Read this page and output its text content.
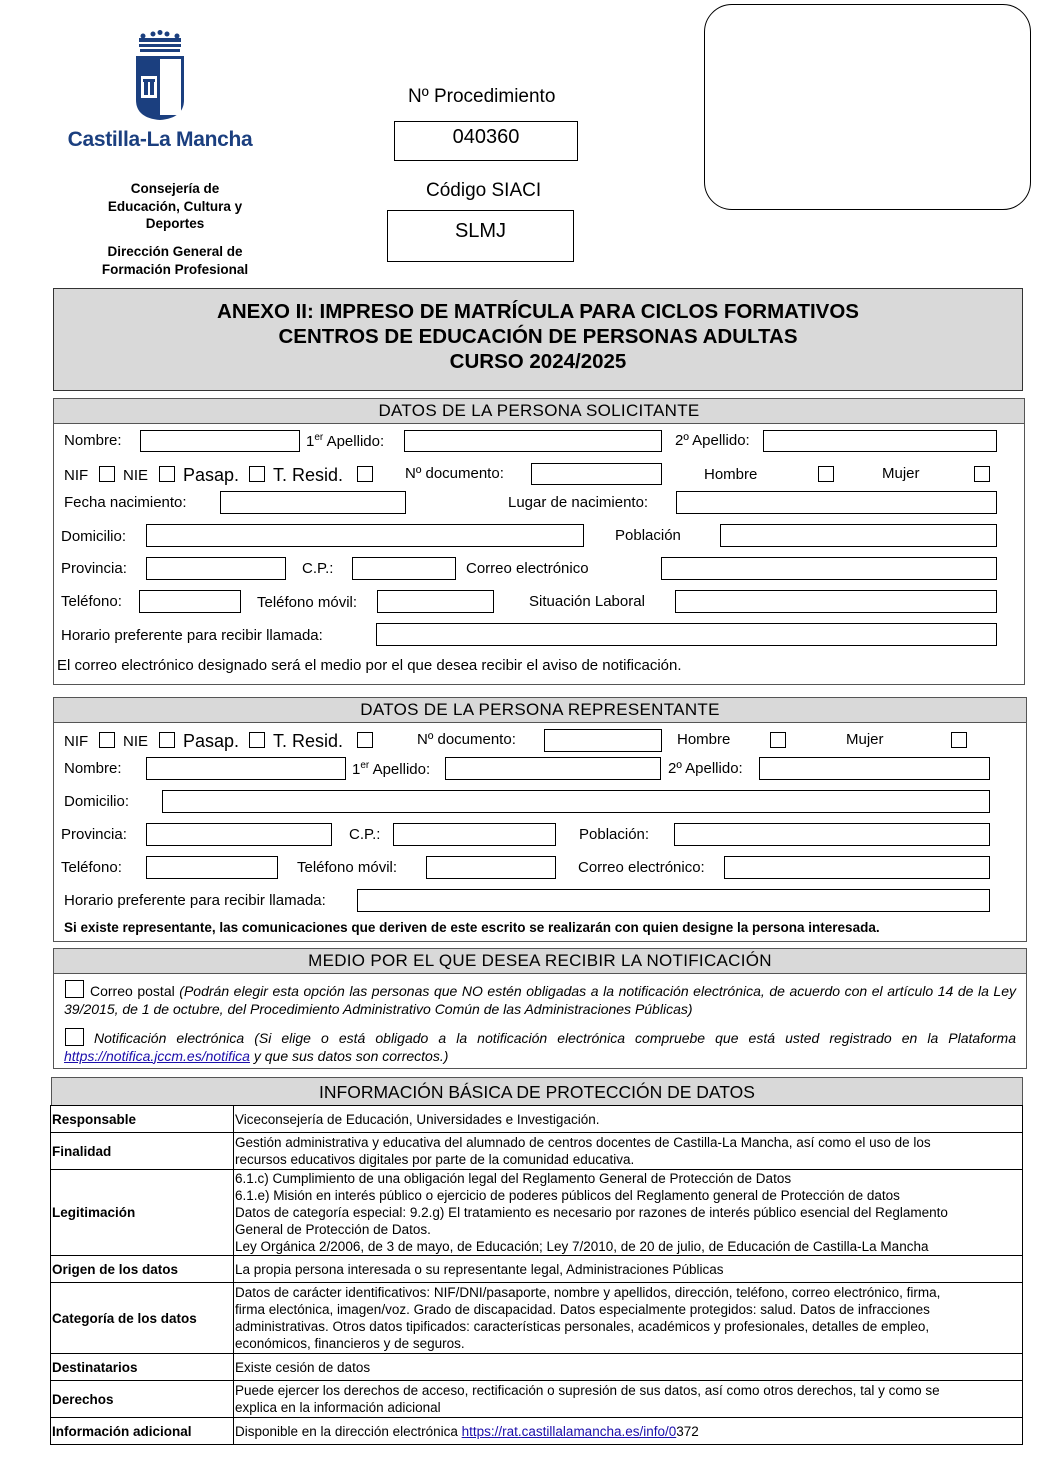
Castilla-La Mancha
Consejería de
Educación, Cultura y
Deportes
Dirección General de
Formación Profesional
Nº Procedimiento
040360
Código SIACI
SLMJ
ANEXO II: IMPRESO DE MATRÍCULA PARA CICLOS FORMATIVOS
CENTROS DE EDUCACIÓN DE PERSONAS ADULTAS
CURSO 2024/2025
DATOS DE LA PERSONA SOLICITANTE
Nombre:	1er Apellido:	2º Apellido:
NIF NIE Pasap. T. Resid.	Nº documento:	Hombre	Mujer
Fecha nacimiento:	Lugar de nacimiento:
Domicilio:	Población
Provincia:	C.P.:	Correo electrónico
Teléfono:	Teléfono móvil:	Situación Laboral
Horario preferente para recibir llamada:
El correo electrónico designado será el medio por el que desea recibir el aviso de notificación.
DATOS DE LA PERSONA REPRESENTANTE
NIF NIE Pasap. T. Resid.	Nº documento:	Hombre	Mujer
Nombre:	1er Apellido:	2º Apellido:
Domicilio:
Provincia:	C.P.:	Población:
Teléfono:	Teléfono móvil:	Correo electrónico:
Horario preferente para recibir llamada:
Si existe representante, las comunicaciones que deriven de este escrito se realizarán con quien designe la persona interesada.
MEDIO POR EL QUE DESEA RECIBIR LA NOTIFICACIÓN
Correo postal (Podrán elegir esta opción las personas que NO estén obligadas a la notificación electrónica, de acuerdo con el artículo 14 de la Ley 39/2015, de 1 de octubre, del Procedimiento Administrativo Común de las Administraciones Públicas)
Notificación electrónica (Si elige o está obligado a la notificación electrónica compruebe que está usted registrado en la Plataforma https://notifica.jccm.es/notifica y que sus datos son correctos.)
INFORMACIÓN BÁSICA DE PROTECCIÓN DE DATOS
Responsable	Viceconsejería de Educación, Universidades e Investigación.

Finalidad	Gestión administrativa y educativa del alumnado de centros docentes de Castilla-La Mancha, así como el uso de los
recursos educativos digitales por parte de la comunidad educativa.

Legitimación	6.1.c) Cumplimiento de una obligación legal del Reglamento General de Protección de Datos
6.1.e) Misión en interés público o ejercicio de poderes públicos del Reglamento general de Protección de datos
Datos de categoría especial: 9.2.g) El tratamiento es necesario por razones de interés público esencial del Reglamento
General de Protección de Datos.
Ley Orgánica 2/2006, de 3 de mayo, de Educación; Ley 7/2010, de 20 de julio, de Educación de Castilla-La Mancha

Origen de los datos	La propia persona interesada o su representante legal, Administraciones Públicas

Categoría de los datos	Datos de carácter identificativos: NIF/DNI/pasaporte, nombre y apellidos, dirección, teléfono, correo electrónico, firma,
firma electónica, imagen/voz. Grado de discapacidad. Datos especialmente protegidos: salud. Datos de infracciones
administrativas. Otros datos tipificados: características personales, académicos y profesionales, detalles de empleo,
económicos, financieros y de seguros.

Destinatarios	Existe cesión de datos

Derechos	Puede ejercer los derechos de acceso, rectificación o supresión de sus datos, así como otros derechos, tal y como se
explica en la información adicional

Información adicional	Disponible en la dirección electrónica https://rat.castillalamancha.es/info/0372
